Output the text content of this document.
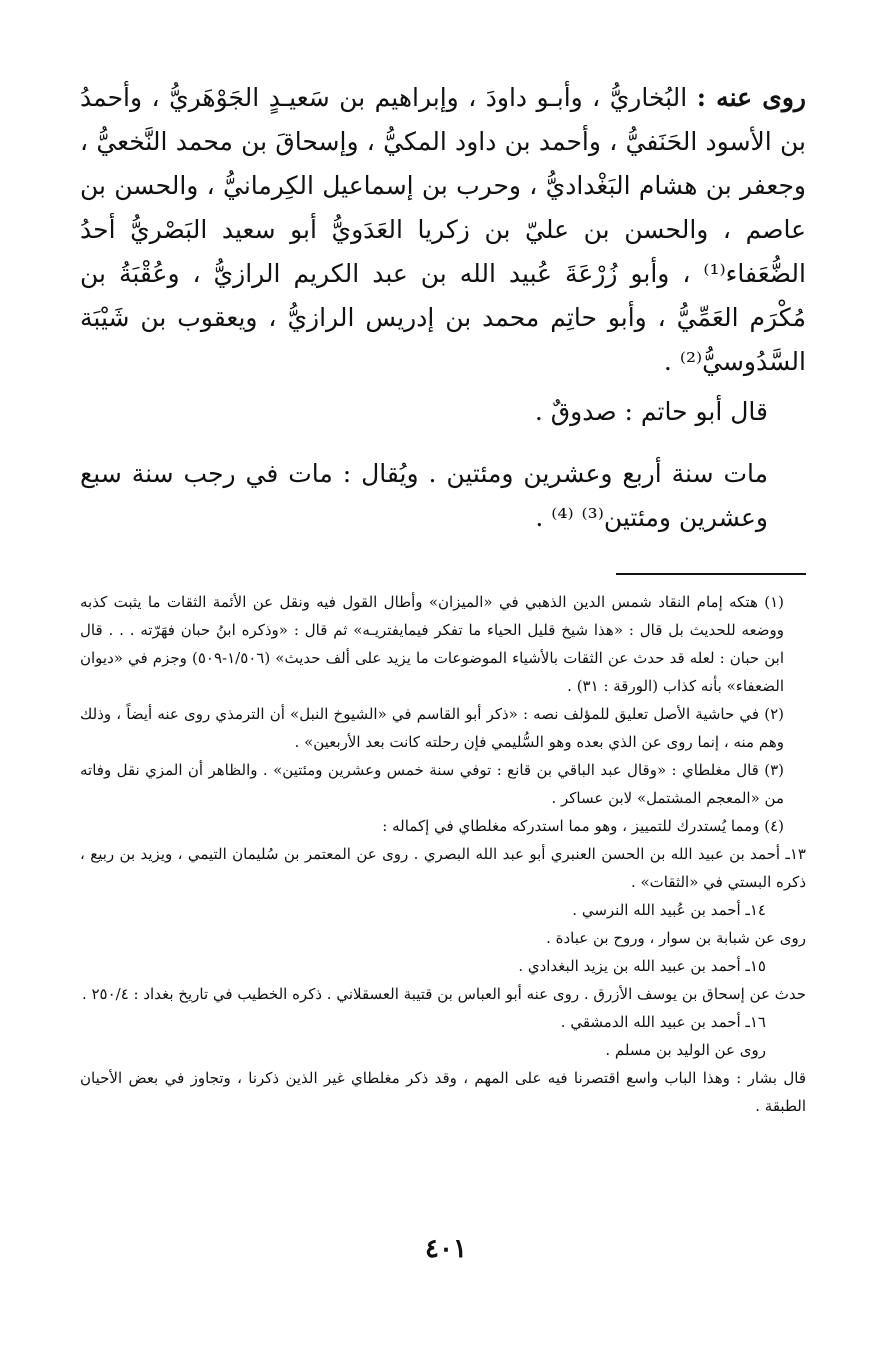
روى عنه : البُخاريُّ ، وأبـو داودَ ، وإبراهيم بن سَعيـدٍ الجَوْهَريُّ ، وأحمدُ بن الأسود الحَنَفيُّ ، وأحمد بن داود المكيُّ ، وإسحاقَ بن محمد النَّخعيُّ ، وجعفر بن هشام البَغْداديُّ ، وحرب بن إسماعيل الكِرمانيُّ ، والحسن بن عاصم ، والحسن بن عليّ بن زكريا العَدَويُّ أبو سعيد البَصْريُّ أحدُ الضُّعَفاء⁽¹⁾ ، وأبو زُرْعَةَ عُبيد الله بن عبد الكريم الرازيُّ ، وعُقْبَةُ بن مُكْرَم العَمِّيُّ ، وأبو حاتِم محمد بن إدريس الرازيُّ ، ويعقوب بن شَيْبَة السَّدُوسيُّ⁽²⁾ .

قال أبو حاتم : صدوقٌ .

مات سنة أربع وعشرين ومئتين . ويُقال : مات في رجب سنة سبع وعشرين ومئتين⁽³⁾ ⁽⁴⁾ .

(١) هتكه إمام النقاد شمس الدين الذهبي في «الميزان» وأطال القول فيه ونقل عن الأئمة الثقات ما يثبت كذبه ووضعه للحديث بل قال : «هذا شيخ قليل الحياء ما تفكر فيمايفتريـه» ثم قال : «وذكره ابنُ حبان فهَرّته . . . قال ابن حبان : لعله قد حدث عن الثقات بالأشياء الموضوعات ما يزيد على ألف حديث» (١/٥٠٦-٥٠٩) وجزم في «ديوان الضعفاء» بأنه كذاب (الورقة : ٣١) .

(٢) في حاشية الأصل تعليق للمؤلف نصه : «ذكر أبو القاسم في «الشيوخ النبل» أن الترمذي روى عنه أيضاً ، وذلك وهم منه ، إنما روى عن الذي بعده وهو السُّليمي فإن رحلته كانت بعد الأربعين» .

(٣) قال مغلطاي : «وقال عبد الباقي بن قانع : توفي سنة خمس وعشرين ومئتين» . والظاهر أن المزي نقل وفاته من «المعجم المشتمل» لابن عساكر .

(٤) ومما يُستدرك للتمييز ، وهو مما استدركه مغلطاي في إكماله :

١٣ـ أحمد بن عبيد الله بن الحسن العنبري أبو عبد الله البصري . روى عن المعتمر بن سُليمان التيمي ، ويزيد بن ربيع ، ذكره البستي في «الثقات» .

١٤ـ أحمد بن عُبيد الله النرسي .

روى عن شبابة بن سوار ، وروح بن عبادة .

١٥ـ أحمد بن عبيد الله بن يزيد البغدادي .

حدث عن إسحاق بن يوسف الأزرق . روى عنه أبو العباس بن قتيبة العسقلاني . ذكره الخطيب في تاريخ بغداد : ٢٥٠/٤ .

١٦ـ أحمد بن عبيد الله الدمشقي .

روى عن الوليد بن مسلم .

قال بشار : وهذا الباب واسع اقتصرنا فيه على المهم ، وقد ذكر مغلطاي غير الذين ذكرنا ، وتجاوز في بعض الأحيان الطبقة .

٤٠١
